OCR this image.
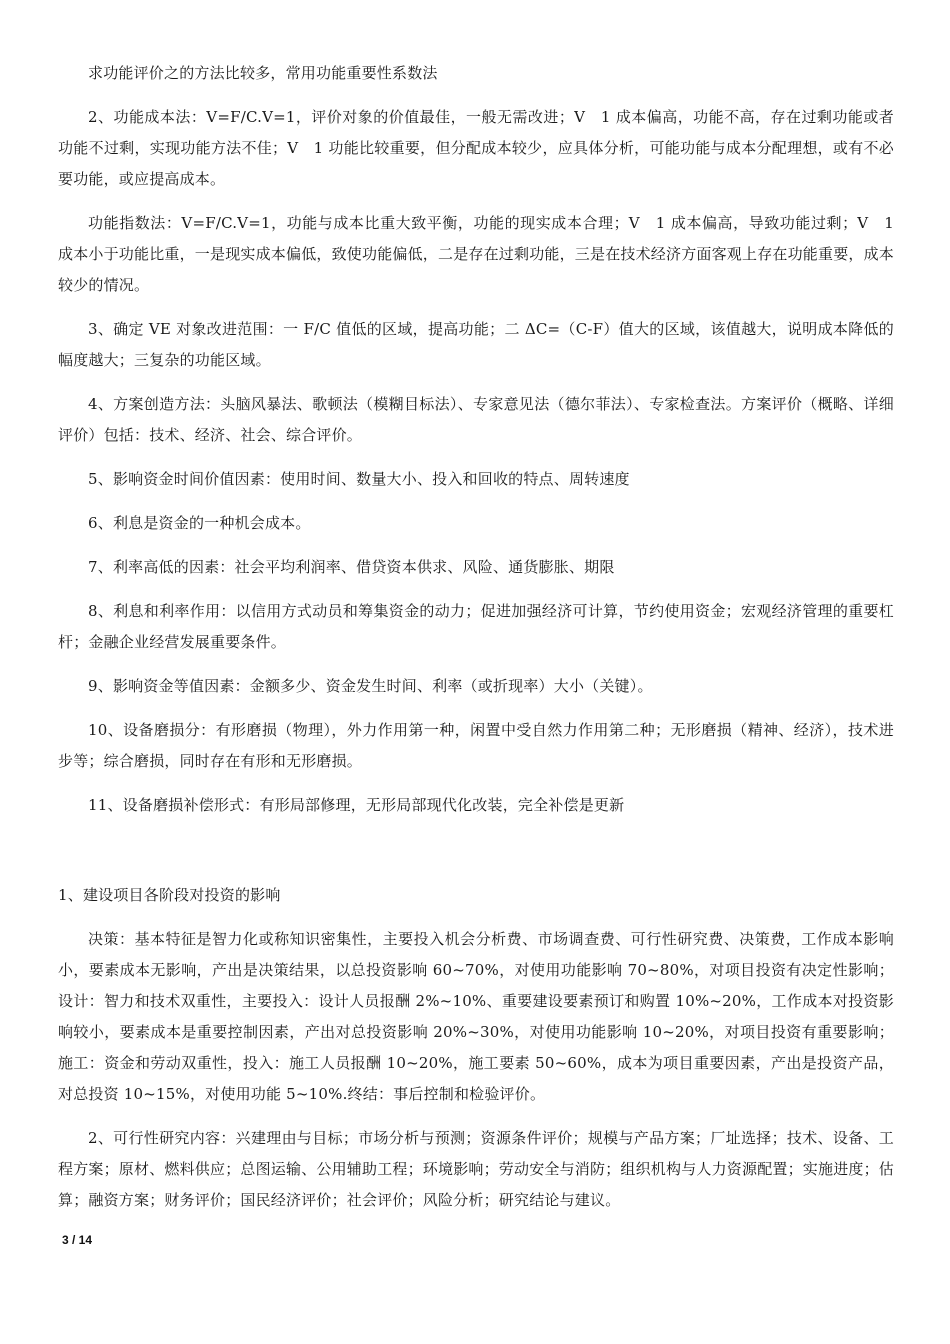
求功能评价之的方法比较多，常用功能重要性系数法

2、功能成本法：V=F/C.V=1，评价对象的价值最佳，一般无需改进；V　1 成本偏高，功能不高，存在过剩功能或者功能不过剩，实现功能方法不佳；V　1 功能比较重要，但分配成本较少，应具体分析，可能功能与成本分配理想，或有不必要功能，或应提高成本。

功能指数法：V=F/C.V=1，功能与成本比重大致平衡，功能的现实成本合理；V　1 成本偏高，导致功能过剩；V　1 成本小于功能比重，一是现实成本偏低，致使功能偏低，二是存在过剩功能，三是在技术经济方面客观上存在功能重要，成本较少的情况。

3、确定 VE 对象改进范围：一 F/C 值低的区域，提高功能；二 ΔC=（C-F）值大的区域，该值越大，说明成本降低的幅度越大；三复杂的功能区域。

4、方案创造方法：头脑风暴法、歌顿法（模糊目标法）、专家意见法（德尔菲法）、专家检查法。方案评价（概略、详细评价）包括：技术、经济、社会、综合评价。

5、影响资金时间价值因素：使用时间、数量大小、投入和回收的特点、周转速度

6、利息是资金的一种机会成本。

7、利率高低的因素：社会平均利润率、借贷资本供求、风险、通货膨胀、期限

8、利息和利率作用：以信用方式动员和筹集资金的动力；促进加强经济可计算，节约使用资金；宏观经济管理的重要杠杆；金融企业经营发展重要条件。

9、影响资金等值因素：金额多少、资金发生时间、利率（或折现率）大小（关键）。

10、设备磨损分：有形磨损（物理），外力作用第一种，闲置中受自然力作用第二种；无形磨损（精神、经济），技术进步等；综合磨损，同时存在有形和无形磨损。

11、设备磨损补偿形式：有形局部修理，无形局部现代化改装，完全补偿是更新

1、建设项目各阶段对投资的影响

决策：基本特征是智力化或称知识密集性，主要投入机会分析费、市场调查费、可行性研究费、决策费，工作成本影响小，要素成本无影响，产出是决策结果，以总投资影响 60~70%，对使用功能影响 70~80%，对项目投资有决定性影响；设计：智力和技术双重性，主要投入：设计人员报酬 2%~10%、重要建设要素预订和购置 10%~20%，工作成本对投资影响较小，要素成本是重要控制因素，产出对总投资影响 20%~30%，对使用功能影响 10~20%，对项目投资有重要影响；施工：资金和劳动双重性，投入：施工人员报酬 10~20%，施工要素 50~60%，成本为项目重要因素，产出是投资产品，对总投资 10~15%，对使用功能 5~10%.终结：事后控制和检验评价。

2、可行性研究内容：兴建理由与目标；市场分析与预测；资源条件评价；规模与产品方案；厂址选择；技术、设备、工程方案；原材、燃料供应；总图运输、公用辅助工程；环境影响；劳动安全与消防；组织机构与人力资源配置；实施进度；估算；融资方案；财务评价；国民经济评价；社会评价；风险分析；研究结论与建议。

3 / 14
